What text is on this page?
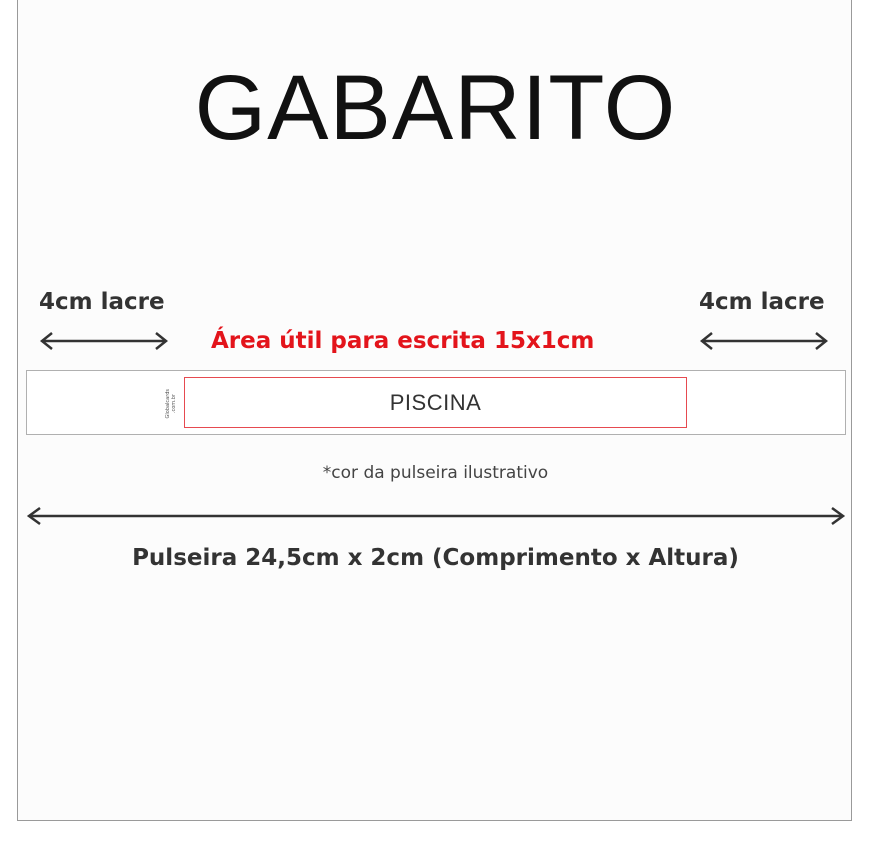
GABARITO
4cm lacre	4cm lacre
Área útil para escrita 15x1cm
Globalcards .com.br	PISCINA
*cor da pulseira ilustrativo
Pulseira 24,5cm x 2cm (Comprimento x Altura)
